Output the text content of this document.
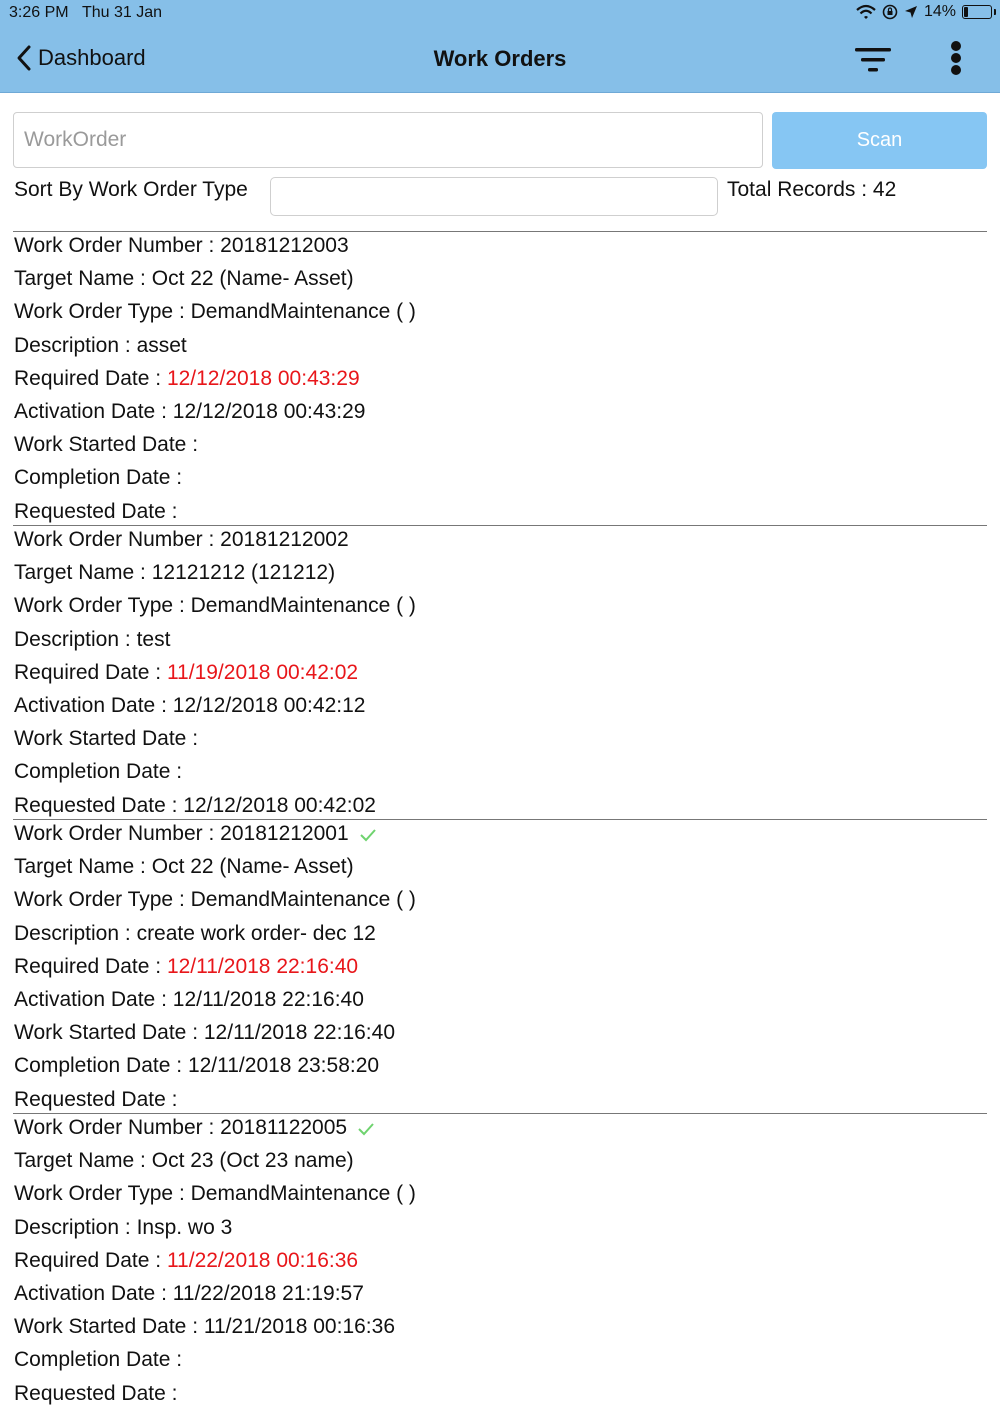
3:26 PM Thu 31 Jan	14%
Dashboard	Work Orders
WorkOrder
Scan
Sort By Work Order Type	Total Records : 42
Work Order Number : 20181212003
Target Name : Oct 22 (Name- Asset)
Work Order Type : DemandMaintenance ( )
Description : asset
Required Date : 12/12/2018 00:43:29
Activation Date : 12/12/2018 00:43:29
Work Started Date :
Completion Date :
Requested Date :
Work Order Number : 20181212002
Target Name : 12121212 (121212)
Work Order Type : DemandMaintenance ( )
Description : test
Required Date : 11/19/2018 00:42:02
Activation Date : 12/12/2018 00:42:12
Work Started Date :
Completion Date :
Requested Date : 12/12/2018 00:42:02
Work Order Number : 20181212001
Target Name : Oct 22 (Name- Asset)
Work Order Type : DemandMaintenance ( )
Description : create work order- dec 12
Required Date : 12/11/2018 22:16:40
Activation Date : 12/11/2018 22:16:40
Work Started Date : 12/11/2018 22:16:40
Completion Date : 12/11/2018 23:58:20
Requested Date :
Work Order Number : 20181122005
Target Name : Oct 23 (Oct 23 name)
Work Order Type : DemandMaintenance ( )
Description : Insp. wo 3
Required Date : 11/22/2018 00:16:36
Activation Date : 11/22/2018 21:19:57
Work Started Date : 11/21/2018 00:16:36
Completion Date :
Requested Date :
